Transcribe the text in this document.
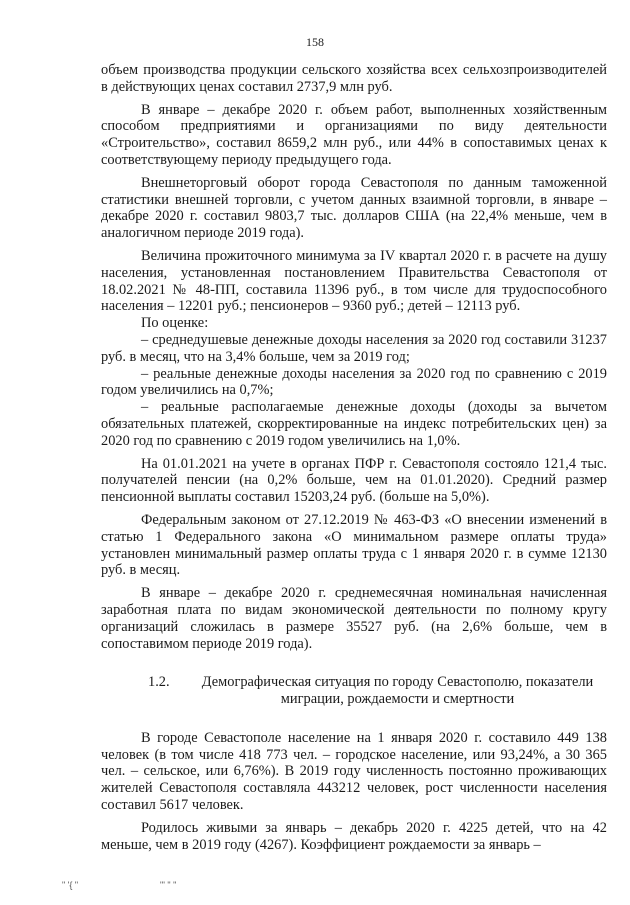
158

объем производства продукции сельского хозяйства всех сельхозпроизводителей в действующих ценах составил 2737,9 млн руб.

В январе – декабре 2020 г. объем работ, выполненных хозяйственным способом предприятиями и организациями по виду деятельности «Строительство», составил 8659,2 млн руб., или 44% в сопоставимых ценах к соответствующему периоду предыдущего года.

Внешнеторговый оборот города Севастополя по данным таможенной статистики внешней торговли, с учетом данных взаимной торговли, в январе – декабре 2020 г. составил 9803,7 тыс. долларов США (на 22,4% меньше, чем в аналогичном периоде 2019 года).

Величина прожиточного минимума за IV квартал 2020 г. в расчете на душу населения, установленная постановлением Правительства Севастополя от 18.02.2021 № 48-ПП, составила 11396 руб., в том числе для трудоспособного населения – 12201 руб.; пенсионеров – 9360 руб.; детей – 12113 руб.

По оценке:

– среднедушевые денежные доходы населения за 2020 год составили 31237 руб. в месяц, что на 3,4% больше, чем за 2019 год;

– реальные денежные доходы населения за 2020 год по сравнению с 2019 годом увеличились на 0,7%;

– реальные располагаемые денежные доходы (доходы за вычетом обязательных платежей, скорректированные на индекс потребительских цен) за 2020 год по сравнению с 2019 годом увеличились на 1,0%.

На 01.01.2021 на учете в органах ПФР г. Севастополя состояло 121,4 тыс. получателей пенсии (на 0,2% больше, чем на 01.01.2020). Средний размер пенсионной выплаты составил 15203,24 руб. (больше на 5,0%).

Федеральным законом от 27.12.2019 № 463-ФЗ «О внесении изменений в статью 1 Федерального закона «О минимальном размере оплаты труда» установлен минимальный размер оплаты труда с 1 января 2020 г. в сумме 12130 руб. в месяц.

В январе – декабре 2020 г. среднемесячная номинальная начисленная заработная плата по видам экономической деятельности по полному кругу организаций сложилась в размере 35527 руб. (на 2,6% больше, чем в сопоставимом периоде 2019 года).

1.2.	Демографическая ситуация по городу Севастополю, показатели
миграции, рождаемости и смертности

В городе Севастополе население на 1 января 2020 г. составило 449 138 человек (в том числе 418 773 чел. – городское население, или 93,24%, а 30 365 чел. – сельское, или 6,76%). В 2019 году численность постоянно проживающих жителей Севастополя составляла 443212 человек, рост численности населения составил 5617 человек.

Родилось живыми за январь – декабрь 2020 г. 4225 детей, что на 42 меньше, чем в 2019 году (4267). Коэффициент рождаемости за январь –

" '{ "	"' " "
